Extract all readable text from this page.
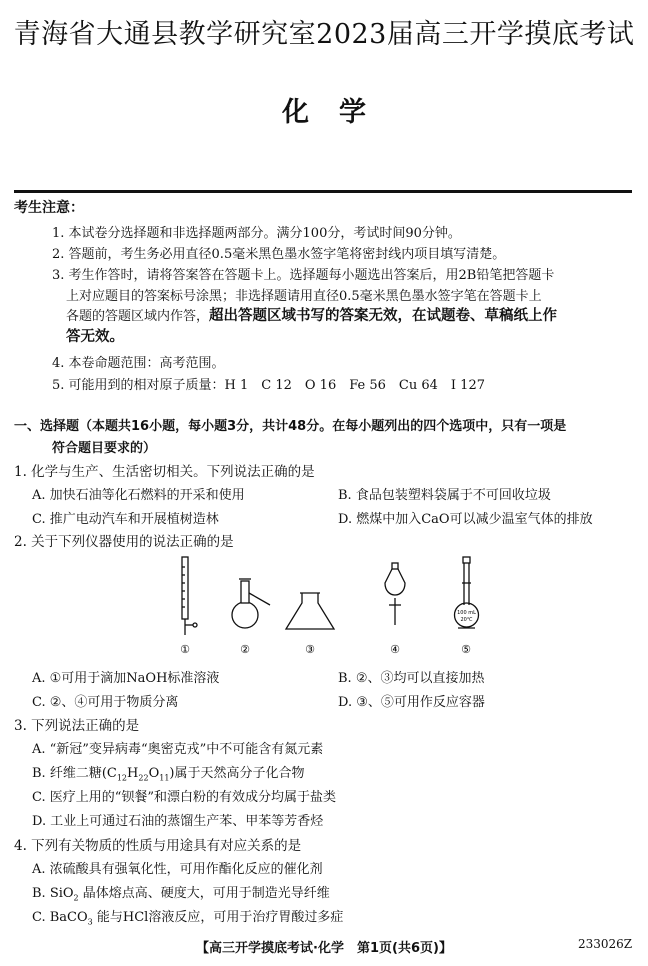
青海省大通县教学研究室2023届高三开学摸底考试
化学
考生注意：
1. 本试卷分选择题和非选择题两部分。满分100分，考试时间90分钟。
2. 答题前，考生务必用直径0.5毫米黑色墨水签字笔将密封线内项目填写清楚。
3. 考生作答时，请将答案答在答题卡上。选择题每小题选出答案后，用2B铅笔把答题卡
上对应题目的答案标号涂黑；非选择题请用直径0.5毫米黑色墨水签字笔在答题卡上
各题的答题区域内作答，超出答题区域书写的答案无效，在试题卷、草稿纸上作
答无效。
4. 本卷命题范围：高考范围。
5. 可能用到的相对原子质量：H 1　C 12　O 16　Fe 56　Cu 64　I 127
一、选择题（本题共16小题，每小题3分，共计48分。在每小题列出的四个选项中，只有一项是
符合题目要求的）
1. 化学与生产、生活密切相关。下列说法正确的是
A. 加快石油等化石燃料的开采和使用	B. 食品包装塑料袋属于不可回收垃圾
C. 推广电动汽车和开展植树造林	D. 燃煤中加入CaO可以减少温室气体的排放
2. 关于下列仪器使用的说法正确的是
100 mL
20℃
①	②	③	④	⑤
A. ①可用于滴加NaOH标准溶液	B. ②、③均可以直接加热
C. ②、④可用于物质分离	D. ③、⑤可用作反应容器
3. 下列说法正确的是
A. “新冠”变异病毒“奥密克戎”中不可能含有氮元素
B. 纤维二糖$(C_{12}H_{22}O_{11})$属于天然高分子化合物
C. 医疗上用的“钡餐”和漂白粉的有效成分均属于盐类
D. 工业上可通过石油的蒸馏生产苯、甲苯等芳香烃
4. 下列有关物质的性质与用途具有对应关系的是
A. 浓硫酸具有强氧化性，可用作酯化反应的催化剂
B. SiO$_2$ 晶体熔点高、硬度大，可用于制造光导纤维
C. BaCO$_3$ 能与HCl溶液反应，可用于治疗胃酸过多症
【高三开学摸底考试·化学　第1页(共6页)】	233026Z
